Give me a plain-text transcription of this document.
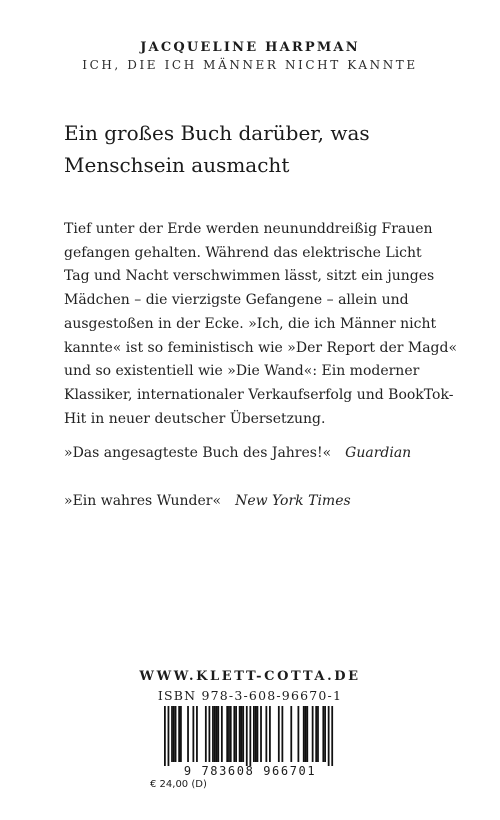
JACQUELINE HARPMAN
ICH, DIE ICH MÄNNER NICHT KANNTE
Ein großes Buch darüber, was
Menschsein ausmacht
Tief unter der Erde werden neununddreißig Frauen
gefangen gehalten. Während das elektrische Licht
Tag und Nacht verschwimmen lässt, sitzt ein junges
Mädchen – die vierzigste Gefangene – allein und
ausgestoßen in der Ecke. »Ich, die ich Männer nicht
kannte« ist so feministisch wie »Der Report der Magd«
und so existentiell wie »Die Wand«: Ein moderner
Klassiker, internationaler Verkaufserfolg und BookTok-
Hit in neuer deutscher Übersetzung.
»Das angesagteste Buch des Jahres!« Guardian
»Ein wahres Wunder« New York Times
WWW.KLETT-COTTA.DE
ISBN 978-3-608-96670-1
9 783608 966701
€ 24,00 (D)
